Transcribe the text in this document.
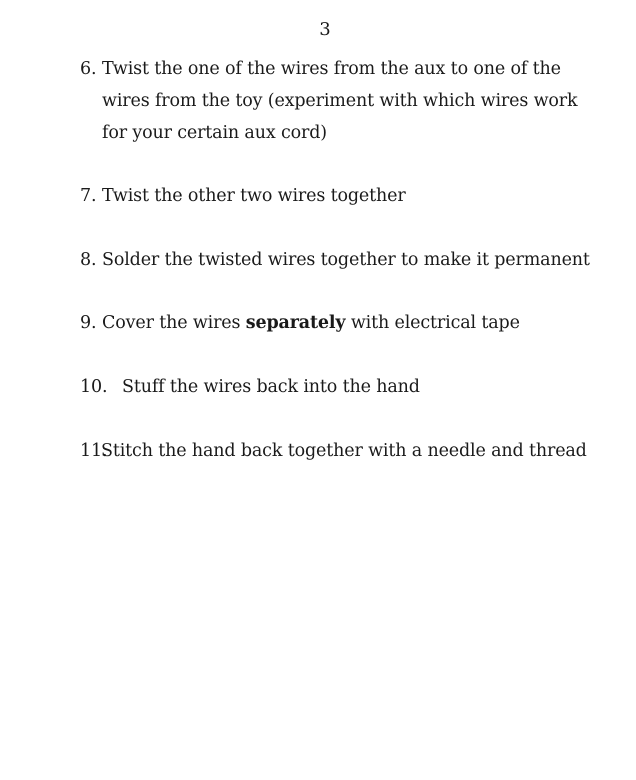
3
6. Twist the one of the wires from the aux to one of the wires from the toy (experiment with which wires work for your certain aux cord)
7. Twist the other two wires together
8. Solder the twisted wires together to make it permanent
9. Cover the wires separately with electrical tape
10. Stuff the wires back into the hand
11.
Stitch the hand back together with a needle and thread
